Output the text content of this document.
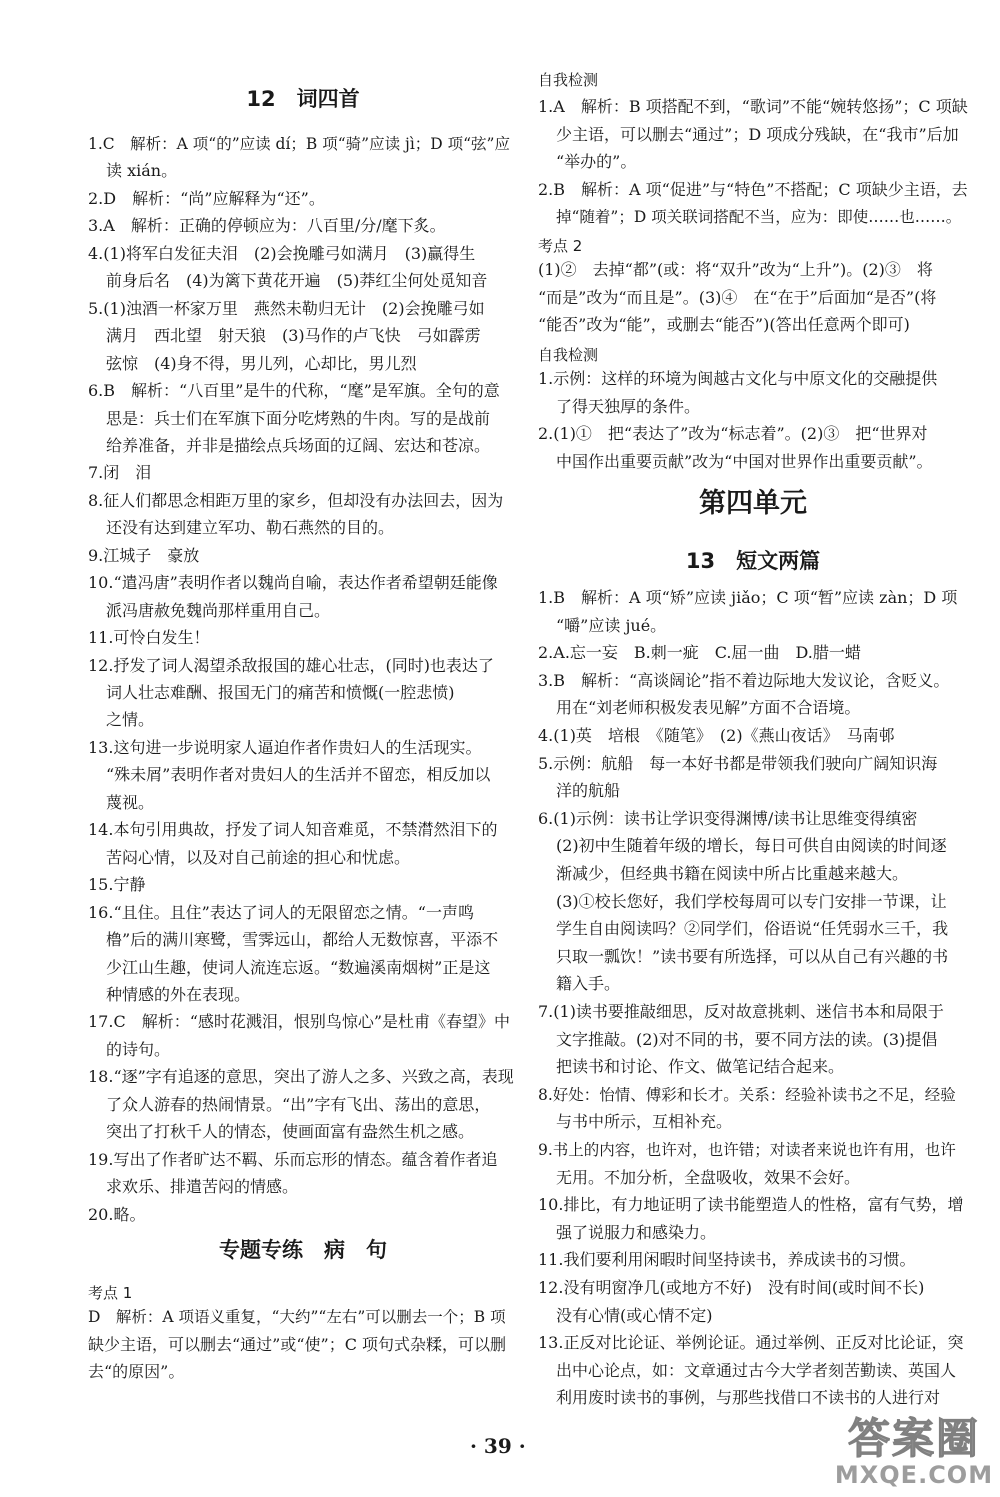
12　词四首
1.C　解析：A 项“的”应读 dí；B 项“骑”应读 jì；D 项“弦”应
读 xián。
2.D　解析：“尚”应解释为“还”。
3.A　解析：正确的停顿应为：八百里/分/麾下炙。
4.(1)将军白发征夫泪　(2)会挽雕弓如满月　(3)赢得生
前身后名　(4)为篱下黄花开遍　(5)莽红尘何处觅知音
5.(1)浊酒一杯家万里　燕然未勒归无计　(2)会挽雕弓如
满月　西北望　射天狼　(3)马作的卢飞快　弓如霹雳
弦惊　(4)身不得，男儿列，心却比，男儿烈
6.B　解析：“八百里”是牛的代称，“麾”是军旗。全句的意
思是：兵士们在军旗下面分吃烤熟的牛肉。写的是战前
给养准备，并非是描绘点兵场面的辽阔、宏达和苍凉。
7.闭　泪
8.征人们都思念相距万里的家乡，但却没有办法回去，因为
还没有达到建立军功、勒石燕然的目的。
9.江城子　豪放
10.“遣冯唐”表明作者以魏尚自喻，表达作者希望朝廷能像
派冯唐赦免魏尚那样重用自己。
11.可怜白发生！
12.抒发了词人渴望杀敌报国的雄心壮志，(同时)也表达了
词人壮志难酬、报国无门的痛苦和愤慨(一腔悲愤)
之情。
13.这句进一步说明家人逼迫作者作贵妇人的生活现实。
“殊未屑”表明作者对贵妇人的生活并不留恋，相反加以
蔑视。
14.本句引用典故，抒发了词人知音难觅，不禁潸然泪下的
苦闷心情，以及对自己前途的担心和忧虑。
15.宁静
16.“且住。且住”表达了词人的无限留恋之情。“一声鸣
橹”后的满川寒鹭，雪霁远山，都给人无数惊喜，平添不
少江山生趣，使词人流连忘返。“数遍溪南烟树”正是这
种情感的外在表现。
17.C　解析：“感时花溅泪，恨别鸟惊心”是杜甫《春望》中
的诗句。
18.“逐”字有追逐的意思，突出了游人之多、兴致之高，表现
了众人游春的热闹情景。“出”字有飞出、荡出的意思，
突出了打秋千人的情态，使画面富有盎然生机之感。
19.写出了作者旷达不羁、乐而忘形的情态。蕴含着作者追
求欢乐、排遣苦闷的情感。
20.略。
专题专练　病　句
考点 1
D　解析：A 项语义重复，“大约”“左右”可以删去一个；B 项
缺少主语，可以删去“通过”或“使”；C 项句式杂糅，可以删
去“的原因”。
自我检测
1.A　解析：B 项搭配不到，“歌词”不能“婉转悠扬”；C 项缺
少主语，可以删去“通过”；D 项成分残缺，在“我市”后加
“举办的”。
2.B　解析：A 项“促进”与“特色”不搭配；C 项缺少主语，去
掉“随着”；D 项关联词搭配不当，应为：即使……也……。
考点 2
(1)②　去掉“都”(或：将“双升”改为“上升”)。(2)③　将
“而是”改为“而且是”。(3)④　在“在于”后面加“是否”(将
“能否”改为“能”，或删去“能否”)(答出任意两个即可)
自我检测
1.示例：这样的环境为闽越古文化与中原文化的交融提供
了得天独厚的条件。
2.(1)①　把“表达了”改为“标志着”。(2)③　把“世界对
中国作出重要贡献”改为“中国对世界作出重要贡献”。
第四单元
13　短文两篇
1.B　解析：A 项“矫”应读 jiǎo；C 项“暂”应读 zàn；D 项
“嚼”应读 jué。
2.A.忘一妄　B.刺一疵　C.屈一曲　D.腊一蜡
3.B　解析：“高谈阔论”指不着边际地大发议论，含贬义。
用在“刘老师积极发表见解”方面不合语境。
4.(1)英　培根　《随笔》　(2)《燕山夜话》　马南邨
5.示例：航船　每一本好书都是带领我们驶向广阔知识海
洋的航船
6.(1)示例：读书让学识变得渊博/读书让思维变得缜密
(2)初中生随着年级的增长，每日可供自由阅读的时间逐
渐减少，但经典书籍在阅读中所占比重越来越大。
(3)①校长您好，我们学校每周可以专门安排一节课，让
学生自由阅读吗？②同学们，俗语说“任凭弱水三千，我
只取一瓢饮！”读书要有所选择，可以从自己有兴趣的书
籍入手。
7.(1)读书要推敲细思，反对故意挑刺、迷信书本和局限于
文字推敲。(2)对不同的书，要不同方法的读。(3)提倡
把读书和讨论、作文、做笔记结合起来。
8.好处：怡情、傅彩和长才。关系：经验补读书之不足，经验
与书中所示，互相补充。
9.书上的内容，也许对，也许错；对读者来说也许有用，也许
无用。不加分析，全盘吸收，效果不会好。
10.排比，有力地证明了读书能塑造人的性格，富有气势，增
强了说服力和感染力。
11.我们要利用闲暇时间坚持读书，养成读书的习惯。
12.没有明窗净几(或地方不好)　没有时间(或时间不长)
没有心情(或心情不定)
13.正反对比论证、举例论证。通过举例、正反对比论证，突
出中心论点，如：文章通过古今大学者刻苦勤读、英国人
利用废时读书的事例，与那些找借口不读书的人进行对
· 39 ·	答案圈
MXQE.COM
